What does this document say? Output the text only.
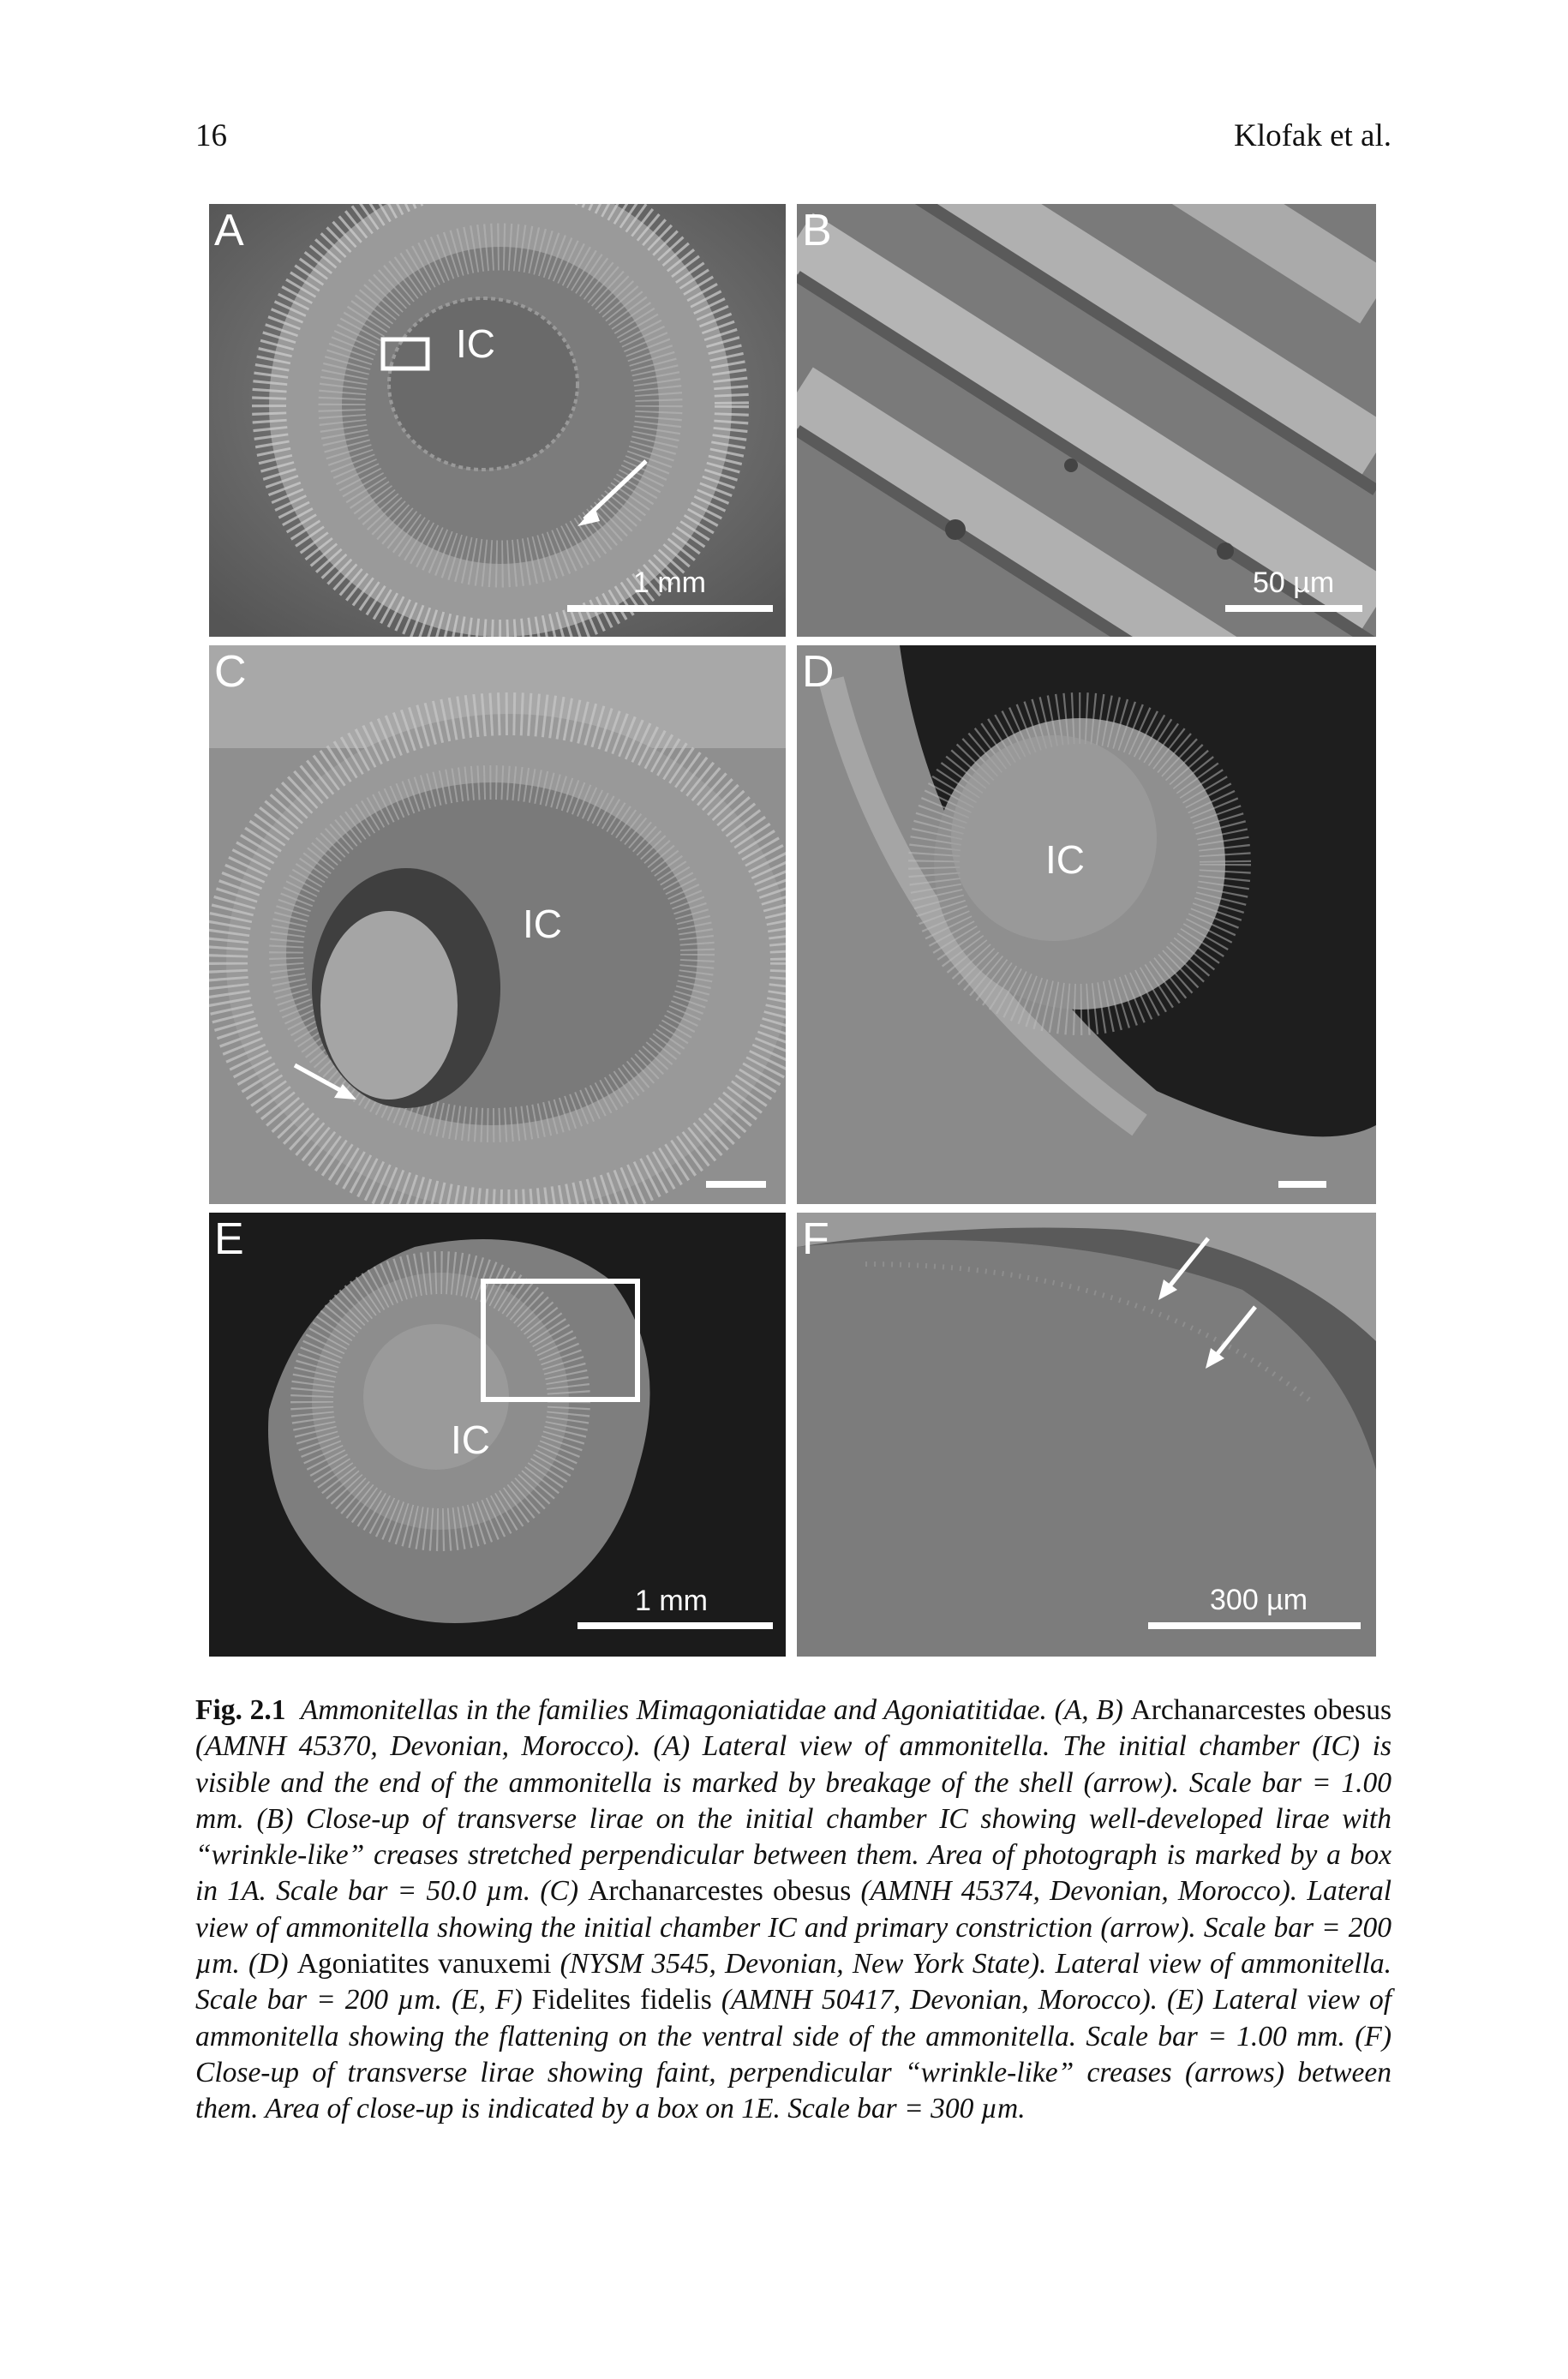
16	Klofak et al.
A
IC
1 mm
B
50 µm
C
IC
D
IC
E
IC
1 mm
F
300 µm
Fig. 2.1 Ammonitellas in the families Mimagoniatidae and Agoniatitidae. (A, B) Archanarcestes obesus (AMNH 45370, Devonian, Morocco). (A) Lateral view of ammonitella. The initial chamber (IC) is visible and the end of the ammonitella is marked by breakage of the shell (arrow). Scale bar = 1.00 mm. (B) Close-up of transverse lirae on the initial chamber IC showing well-developed lirae with “wrinkle-like” creases stretched perpendicular between them. Area of photograph is marked by a box in 1A. Scale bar = 50.0 µm. (C) Archanarcestes obesus (AMNH 45374, Devonian, Morocco). Lateral view of ammonitella showing the initial chamber IC and primary constriction (arrow). Scale bar = 200 µm. (D) Agoniatites vanuxemi (NYSM 3545, Devonian, New York State). Lateral view of ammonitella. Scale bar = 200 µm. (E, F) Fidelites fidelis (AMNH 50417, Devonian, Morocco). (E) Lateral view of ammonitella showing the flattening on the ventral side of the ammonitella. Scale bar = 1.00 mm. (F) Close-up of transverse lirae showing faint, perpendicular “wrinkle-like” creases (arrows) between them. Area of close-up is indicated by a box on 1E. Scale bar = 300 µm.
